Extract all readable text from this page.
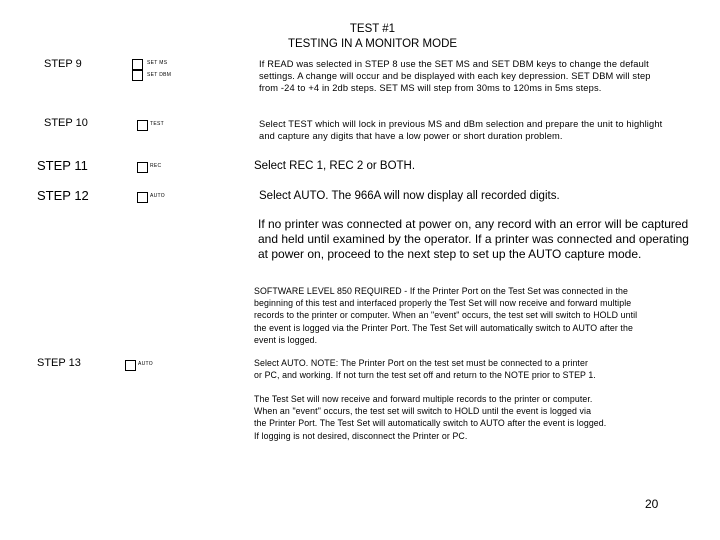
TEST #1
TESTING IN A MONITOR MODE
STEP 9	SET MS
SET DBM
If READ was selected in STEP 8 use the SET MS and SET DBM keys to change the default
settings. A change will occur and be displayed with each key depression. SET DBM will step
from -24 to +4 in 2db steps. SET MS will step from 30ms to 120ms in 5ms steps.
STEP 10	TEST	Select TEST which will lock in previous MS and dBm selection and prepare the unit to highlight
and capture any digits that have a low power or short duration problem.
STEP 11	REC	Select REC 1, REC 2 or BOTH.
STEP 12	AUTO	Select AUTO. The 966A will now display all recorded digits.
If no printer was connected at power on, any record with an error will be captured
and held until examined by the operator. If a printer was connected and operating
at power on, proceed to the next step to set up the AUTO capture mode.
SOFTWARE LEVEL 850 REQUIRED - If the Printer Port on the Test Set was connected in the
beginning of this test and interfaced properly the Test Set will now receive and forward multiple
records to the printer or computer. When an "event" occurs, the test set will switch to HOLD until
the event is logged via the Printer Port. The Test Set will automatically switch to AUTO after the
event is logged.
STEP 13	AUTO	Select AUTO. NOTE: The Printer Port on the test set must be connected to a printer
or PC, and working. If not turn the test set off and return to the NOTE prior to STEP 1.
The Test Set will now receive and forward multiple records to the printer or computer.
When an "event" occurs, the test set will switch to HOLD until the event is logged via
the Printer Port. The Test Set will automatically switch to AUTO after the event is logged.
If logging is not desired, disconnect the Printer or PC.
20
